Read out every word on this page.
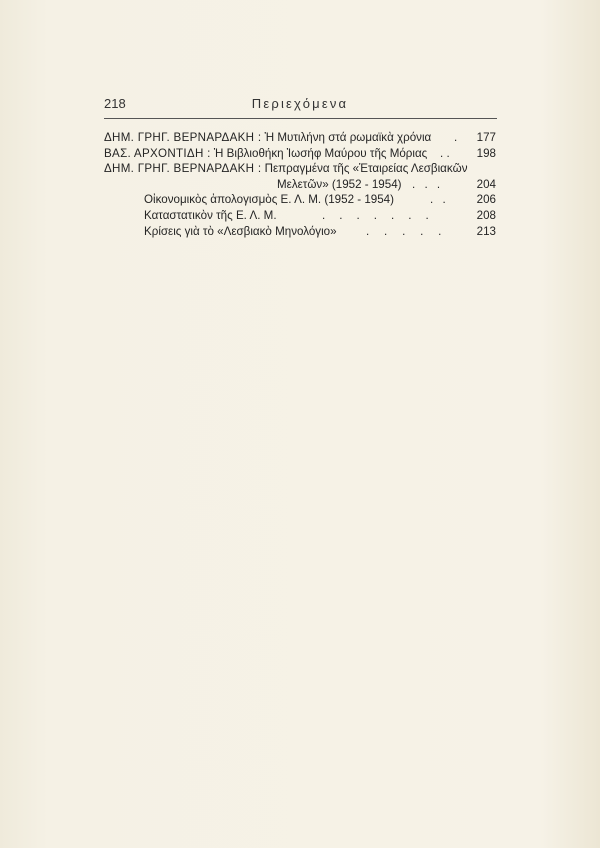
218	Περιεχόμενα
ΔΗΜ. ΓΡΗΓ. ΒΕΡΝΑΡΔΑΚΗ : Ἡ Μυτιλήνη στά ρωμαϊκὰ χρόνια . 177
ΒΑΣ. ΑΡΧΟΝΤΙΔΗ : Ἡ Βιβλιοθήκη Ἰωσήφ Μαύρου τῆς Μόριας . . 198
ΔΗΜ. ΓΡΗΓ. ΒΕΡΝΑΡΔΑΚΗ : Πεπραγμένα τῆς «Ἑταιρείας Λεσβιακῶν
Μελετῶν» (1952 - 1954) . . .	204
Οἰκονομικὸς ἀπολογισμὸς Ε. Λ. Μ. (1952 - 1954)	. . 206
Καταστατικὸν τῆς Ε. Λ. Μ.	. . . . . . .	208
Κρίσεις γιὰ τὸ «Λεσβιακὸ Μηνολόγιο»	. . . . .	213
